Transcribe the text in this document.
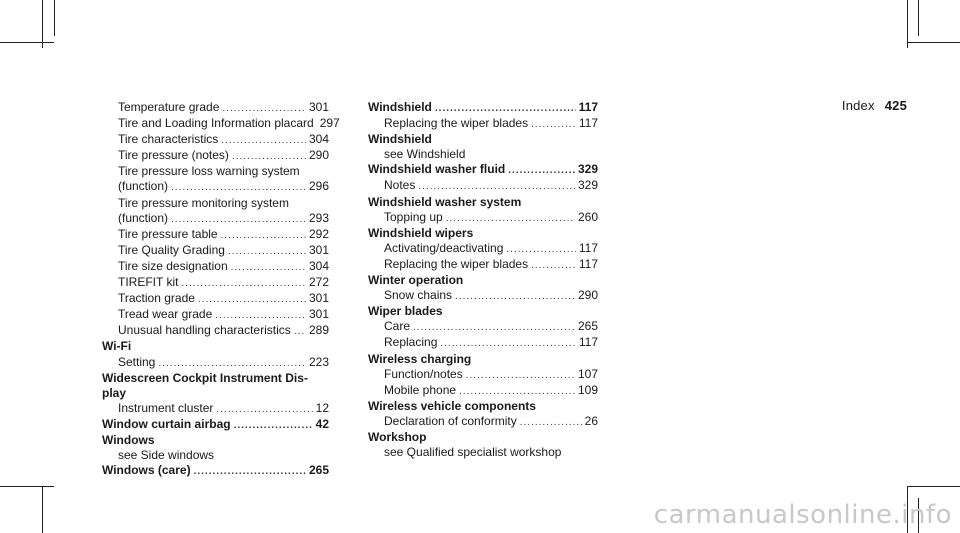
Index 425
Temperature grade .....	301
Tire and Loading Information placard 297
Tire characteristics .....	304
Tire pressure (notes) .....	290
Tire pressure loss warning system
(function) .....	296
Tire pressure monitoring system
(function) .....	293
Tire pressure table .....	292
Tire Quality Grading .....	301
Tire size designation .....	304
TIREFIT kit .....	272
Traction grade .....	301
Tread wear grade .....	301
Unusual handling characteristics ..... 289
Wi-Fi
Setting .....	223
Widescreen Cockpit Instrument Dis-
play
Instrument cluster .....	12
Window curtain airbag .....	42
Windows
see Side windows
Windows (care) .....	265
Windshield .....	117
Replacing the wiper blades .....	117
Windshield
see Windshield
Windshield washer fluid .....	329
Notes .....	329
Windshield washer system
Topping up .....	260
Windshield wipers
Activating/deactivating .....	117
Replacing the wiper blades .....	117
Winter operation
Snow chains .....	290
Wiper blades
Care .....	265
Replacing .....	117
Wireless charging
Function/notes .....	107
Mobile phone .....	109
Wireless vehicle components
Declaration of conformity .....	26
Workshop
see Qualified specialist workshop
carmanualsonline.info
